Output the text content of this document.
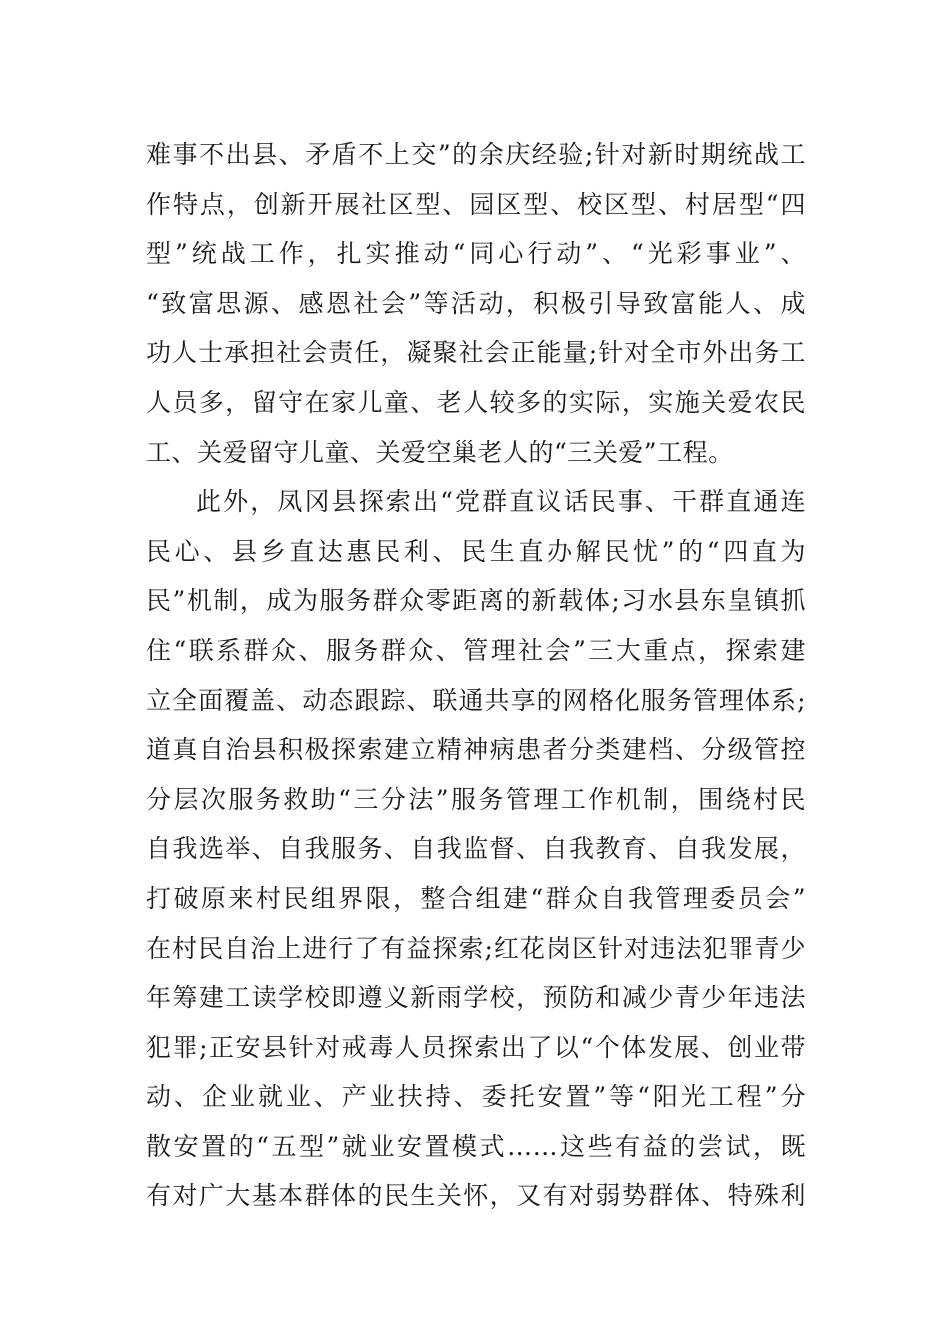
难事不出县、矛盾不上交”的余庆经验;针对新时期统战工
作特点，创新开展社区型、园区型、校区型、村居型“四
型”统战工作，扎实推动“同心行动”、“光彩事业”、
“致富思源、感恩社会”等活动，积极引导致富能人、成
功人士承担社会责任，凝聚社会正能量;针对全市外出务工
人员多，留守在家儿童、老人较多的实际，实施关爱农民
工、关爱留守儿童、关爱空巢老人的“三关爱”工程。
此外，凤冈县探索出“党群直议话民事、干群直通连
民心、县乡直达惠民利、民生直办解民忧”的“四直为
民”机制，成为服务群众零距离的新载体;习水县东皇镇抓
住“联系群众、服务群众、管理社会”三大重点，探索建
立全面覆盖、动态跟踪、联通共享的网格化服务管理体系;
道真自治县积极探索建立精神病患者分类建档、分级管控
分层次服务救助“三分法”服务管理工作机制，围绕村民
自我选举、自我服务、自我监督、自我教育、自我发展，
打破原来村民组界限，整合组建“群众自我管理委员会”
在村民自治上进行了有益探索;红花岗区针对违法犯罪青少
年筹建工读学校即遵义新雨学校，预防和减少青少年违法
犯罪;正安县针对戒毒人员探索出了以“个体发展、创业带
动、企业就业、产业扶持、委托安置”等“阳光工程”分
散安置的“五型”就业安置模式……这些有益的尝试，既
有对广大基本群体的民生关怀，又有对弱势群体、特殊利
